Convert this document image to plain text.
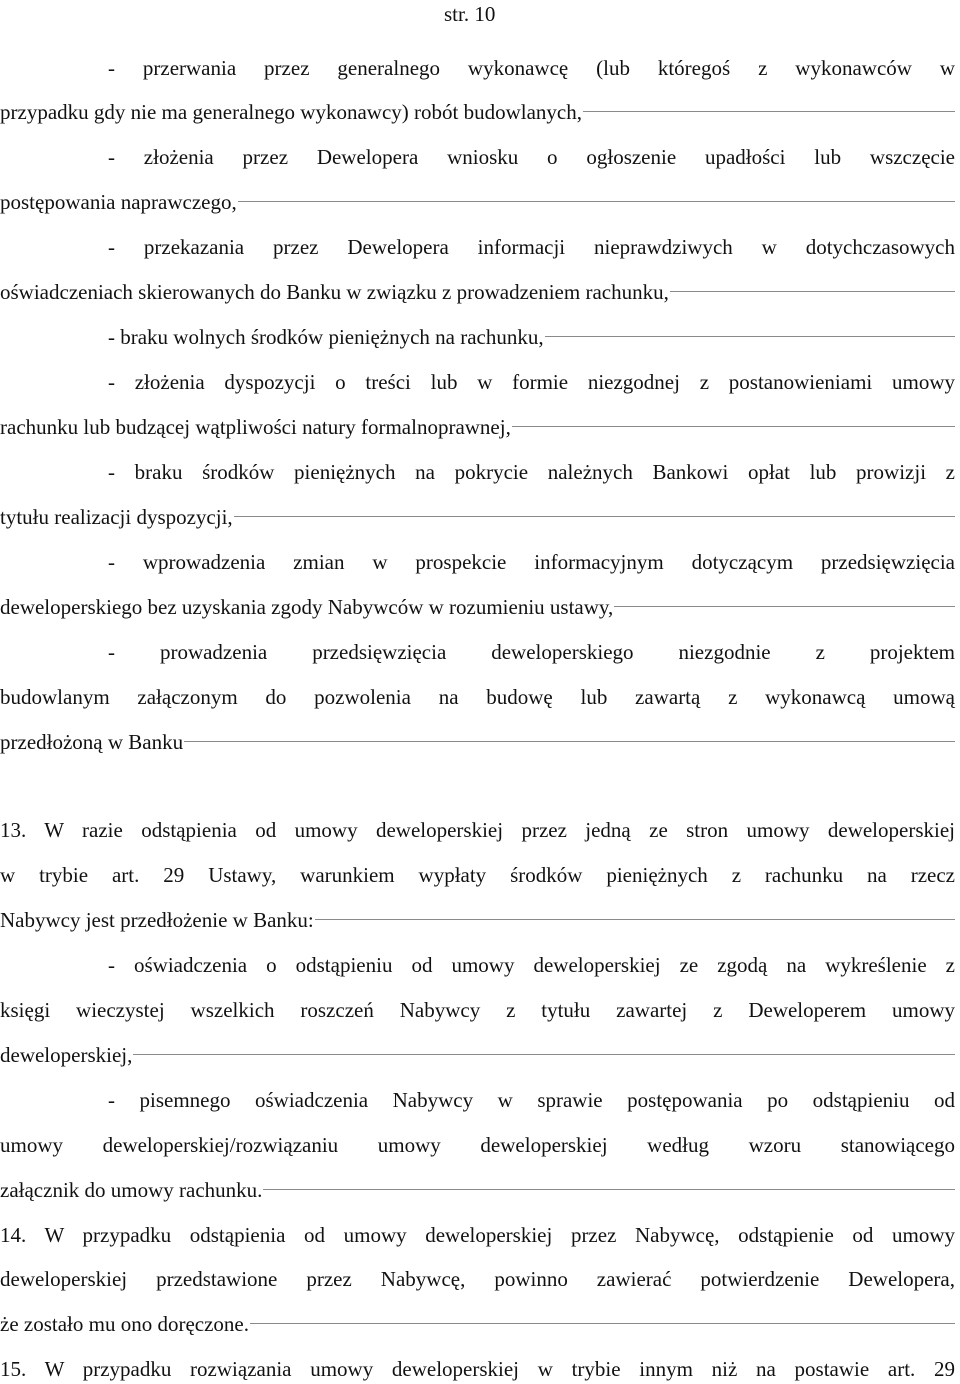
str. 10
- przerwania przez generalnego wykonawcę (lub któregoś z wykonawców w
przypadku gdy nie ma generalnego wykonawcy) robót budowlanych,
- złożenia przez Dewelopera wniosku o ogłoszenie upadłości lub wszczęcie
postępowania naprawczego,
- przekazania przez Dewelopera informacji nieprawdziwych w dotychczasowych
oświadczeniach skierowanych do Banku w związku z prowadzeniem rachunku,
- braku wolnych środków pieniężnych na rachunku,
- złożenia dyspozycji o treści lub w formie niezgodnej z postanowieniami umowy
rachunku lub budzącej wątpliwości natury formalnoprawnej,
- braku środków pieniężnych na pokrycie należnych Bankowi opłat lub prowizji z
tytułu realizacji dyspozycji,
- wprowadzenia zmian w prospekcie informacyjnym dotyczącym przedsięwzięcia
deweloperskiego bez uzyskania zgody Nabywców w rozumieniu ustawy,
- prowadzenia przedsięwzięcia deweloperskiego niezgodnie z projektem
budowlanym załączonym do pozwolenia na budowę lub zawartą z wykonawcą umową
przedłożoną w Banku
13. W razie odstąpienia od umowy deweloperskiej przez jedną ze stron umowy deweloperskiej
w trybie art. 29 Ustawy, warunkiem wypłaty środków pieniężnych z rachunku na rzecz
Nabywcy jest przedłożenie w Banku:
- oświadczenia o odstąpieniu od umowy deweloperskiej ze zgodą na wykreślenie z
księgi wieczystej wszelkich roszczeń Nabywcy z tytułu zawartej z Deweloperem umowy
deweloperskiej,
- pisemnego oświadczenia Nabywcy w sprawie postępowania po odstąpieniu od
umowy deweloperskiej/rozwiązaniu umowy deweloperskiej według wzoru stanowiącego
załącznik do umowy rachunku.
14. W przypadku odstąpienia od umowy deweloperskiej przez Nabywcę, odstąpienie od umowy
deweloperskiej przedstawione przez Nabywcę, powinno zawierać potwierdzenie Dewelopera,
że zostało mu ono doręczone.
15. W przypadku rozwiązania umowy deweloperskiej w trybie innym niż na postawie art. 29
